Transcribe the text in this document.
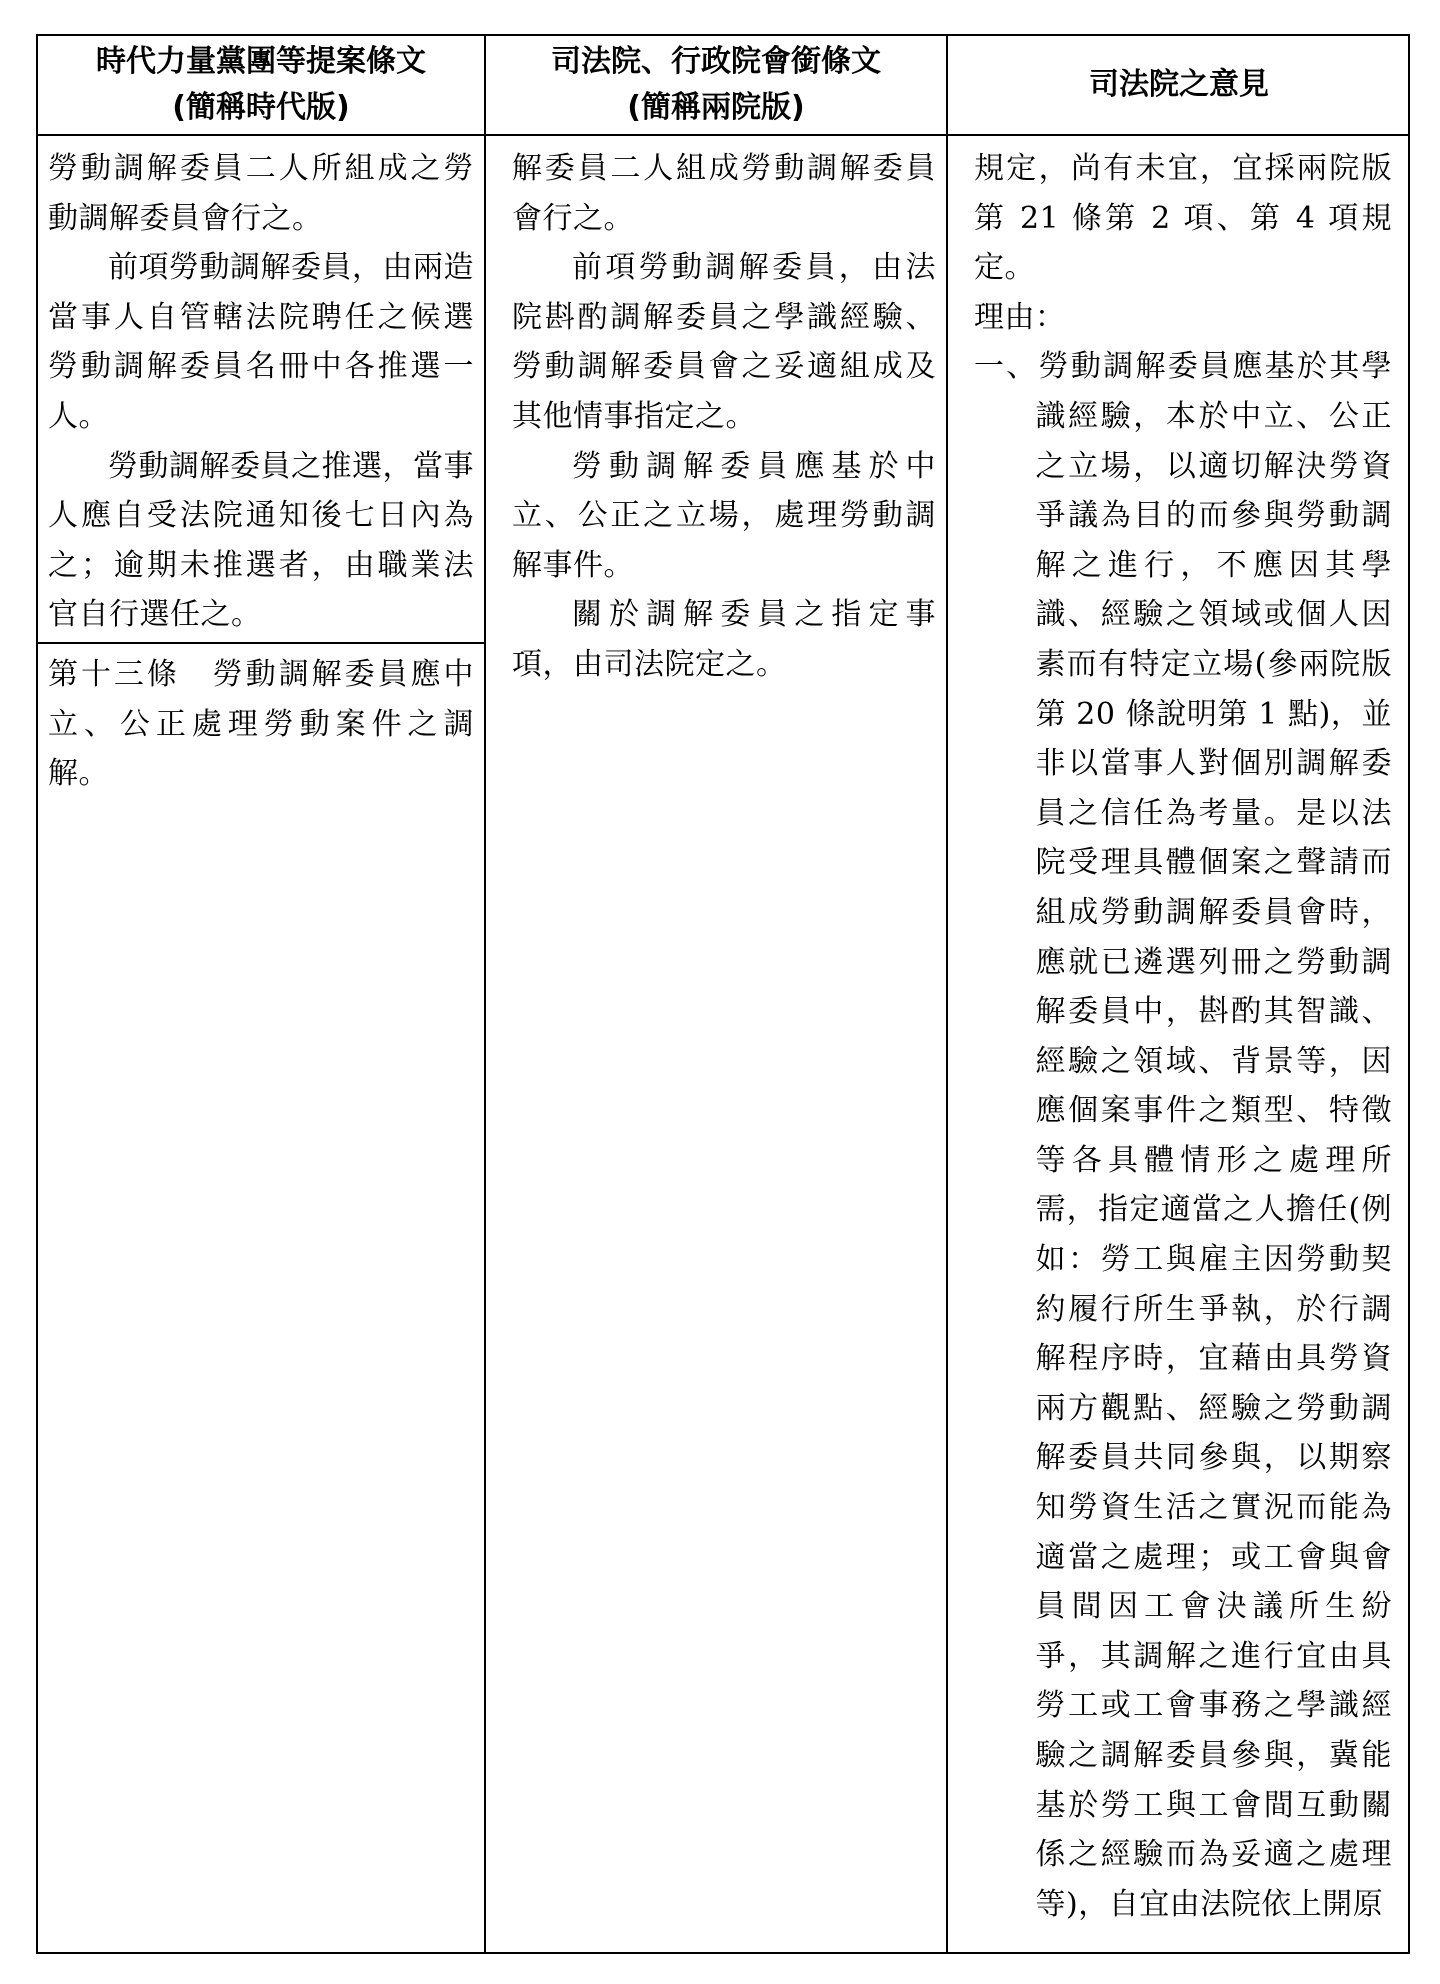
時代力量黨團等提案條文
(簡稱時代版)
司法院、行政院會銜條文
(簡稱兩院版)
司法院之意見

勞動調解委員二人所組成之勞動調解委員會行之。

前項勞動調解委員，由兩造當事人自管轄法院聘任之候選勞動調解委員名冊中各推選一人。

勞動調解委員之推選，當事人應自受法院通知後七日內為之；逾期未推選者，由職業法官自行選任之。

第十三條　勞動調解委員應中立、公正處理勞動案件之調解。

解委員二人組成勞動調解委員會行之。

前項勞動調解委員，由法院斟酌調解委員之學識經驗、勞動調解委員會之妥適組成及其他情事指定之。

勞動調解委員應基於中立、公正之立場，處理勞動調解事件。

關於調解委員之指定事項，由司法院定之。

規定，尚有未宜，宜採兩院版第 21 條第 2 項、第 4 項規定。

理由：

一、勞動調解委員應基於其學識經驗，本於中立、公正之立場，以適切解決勞資爭議為目的而參與勞動調解之進行，不應因其學識、經驗之領域或個人因素而有特定立場(參兩院版第 20 條說明第 1 點)，並非以當事人對個別調解委員之信任為考量。是以法院受理具體個案之聲請而組成勞動調解委員會時，應就已遴選列冊之勞動調解委員中，斟酌其智識、經驗之領域、背景等，因應個案事件之類型、特徵等各具體情形之處理所需，指定適當之人擔任(例如：勞工與雇主因勞動契約履行所生爭執，於行調解程序時，宜藉由具勞資兩方觀點、經驗之勞動調解委員共同參與，以期察知勞資生活之實況而能為適當之處理；或工會與會員間因工會決議所生紛爭，其調解之進行宜由具勞工或工會事務之學識經驗之調解委員參與，冀能基於勞工與工會間互動關係之經驗而為妥適之處理等)，自宜由法院依上開原
